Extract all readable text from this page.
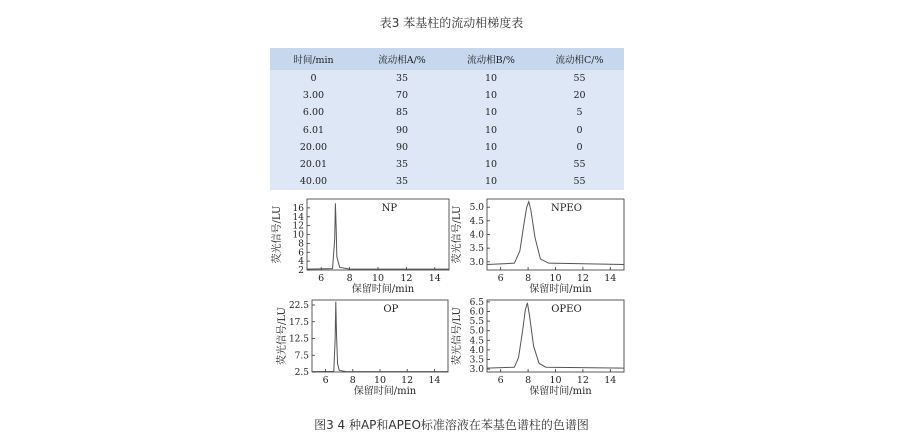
表3 苯基柱的流动相梯度表
时间/min	流动相A/%	流动相B/%	流动相C/%
0	35	10	55
3.00	70	10	20
6.00	85	10	5
6.01	90	10	0
20.00	90	10	0
20.01	35	10	55
40.00	35	10	55
6 8 10 12 14
2
4
6
8
10
12
14
16	NP
保留时间/min
荧光信号/LU
6 8 10 12 14
3.0
3.5
4.0
4.5
5.0	NPEO
保留时间/min
荧光信号/LU
6 8 10 12 14
2.5
7.5
12.5
17.5
22.5	OP
保留时间/min
荧光信号/LU
6 8 10 12 14
3.0
3.5
4.0
4.5
5.0
5.5
6.0
6.5
OPEO
保留时间/min
荧光信号/LU
图3 4 种AP和APEO标准溶液在苯基色谱柱的色谱图
